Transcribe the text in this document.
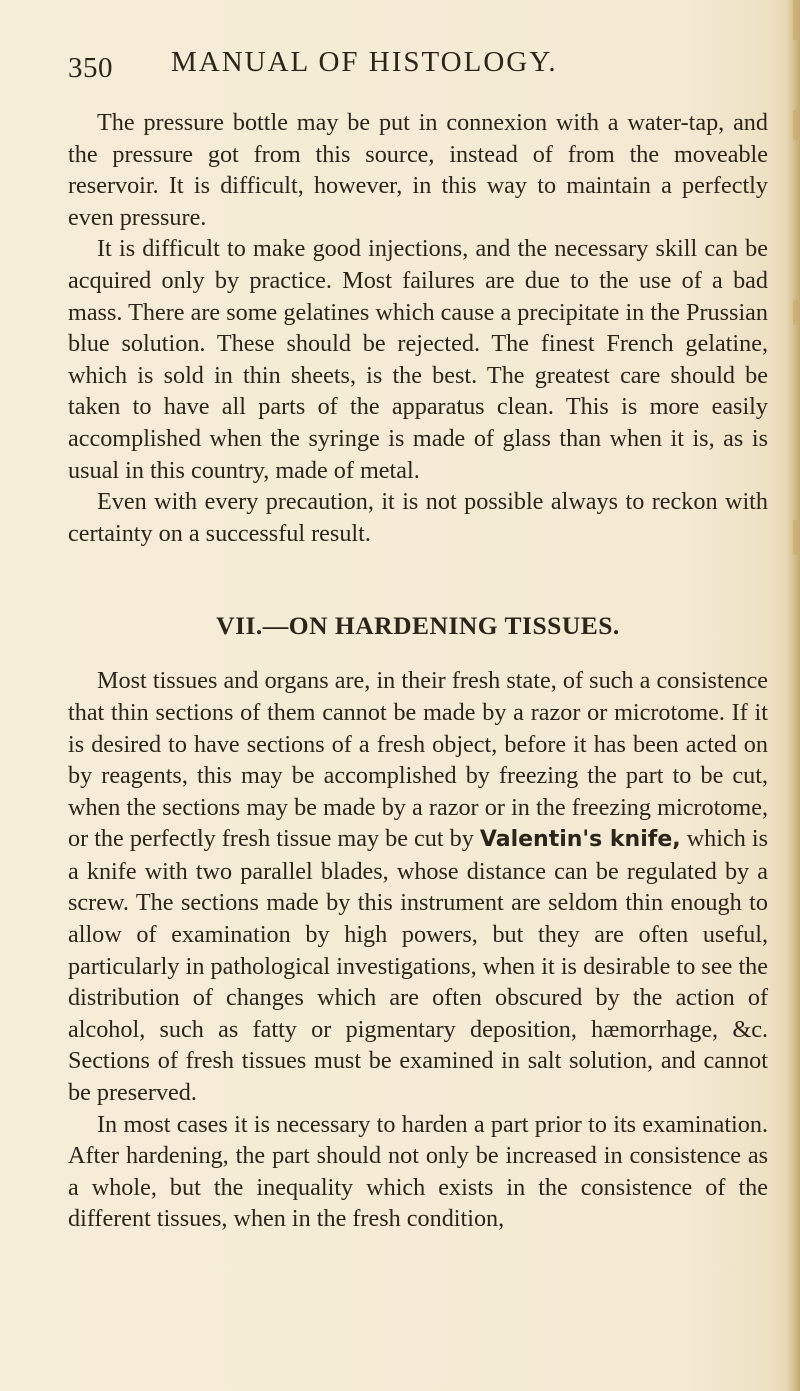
350 MANUAL OF HISTOLOGY.

The pressure bottle may be put in connexion with a water-tap, and the pressure got from this source, instead of from the moveable reservoir. It is difficult, however, in this way to maintain a perfectly even pressure.

It is difficult to make good injections, and the necessary skill can be acquired only by practice. Most failures are due to the use of a bad mass. There are some gelatines which cause a precipitate in the Prussian blue solution. These should be rejected. The finest French gelatine, which is sold in thin sheets, is the best. The greatest care should be taken to have all parts of the apparatus clean. This is more easily accomplished when the syringe is made of glass than when it is, as is usual in this country, made of metal.

Even with every precaution, it is not possible always to reckon with certainty on a successful result.

VII.—ON HARDENING TISSUES.

Most tissues and organs are, in their fresh state, of such a consistence that thin sections of them cannot be made by a razor or microtome. If it is desired to have sections of a fresh object, before it has been acted on by reagents, this may be accomplished by freezing the part to be cut, when the sections may be made by a razor or in the freezing microtome, or the perfectly fresh tissue may be cut by Valentin's knife, which is a knife with two parallel blades, whose distance can be regulated by a screw. The sections made by this instrument are seldom thin enough to allow of examination by high powers, but they are often useful, particularly in pathological investigations, when it is desirable to see the distribution of changes which are often obscured by the action of alcohol, such as fatty or pigmentary deposition, hæmorrhage, &c. Sections of fresh tissues must be examined in salt solution, and cannot be preserved.

In most cases it is necessary to harden a part prior to its examination. After hardening, the part should not only be increased in consistence as a whole, but the inequality which exists in the consistence of the different tissues, when in the fresh condition,
